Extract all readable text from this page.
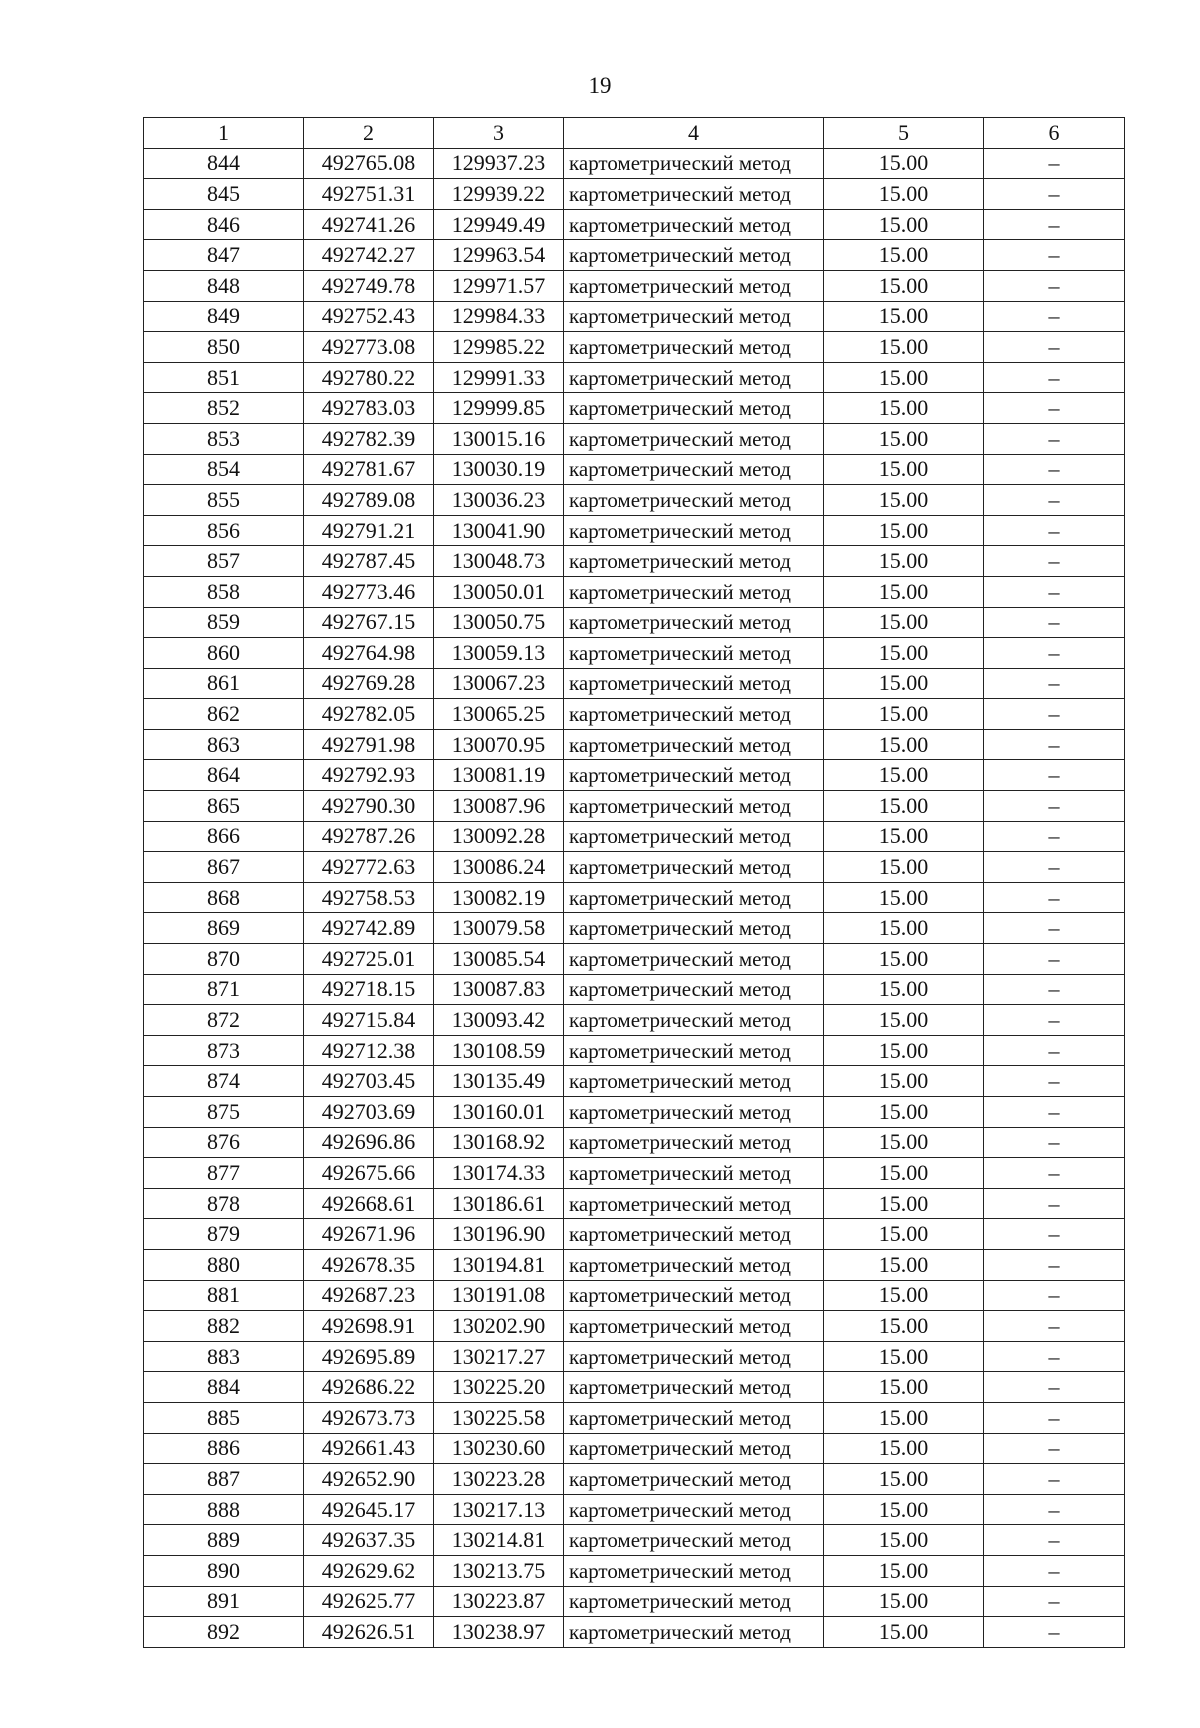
19
1	2	3	4	5	6
844	492765.08	129937.23	картометрический метод	15.00	–
845	492751.31	129939.22	картометрический метод	15.00	–
846	492741.26	129949.49	картометрический метод	15.00	–
847	492742.27	129963.54	картометрический метод	15.00	–
848	492749.78	129971.57	картометрический метод	15.00	–
849	492752.43	129984.33	картометрический метод	15.00	–
850	492773.08	129985.22	картометрический метод	15.00	–
851	492780.22	129991.33	картометрический метод	15.00	–
852	492783.03	129999.85	картометрический метод	15.00	–
853	492782.39	130015.16	картометрический метод	15.00	–
854	492781.67	130030.19	картометрический метод	15.00	–
855	492789.08	130036.23	картометрический метод	15.00	–
856	492791.21	130041.90	картометрический метод	15.00	–
857	492787.45	130048.73	картометрический метод	15.00	–
858	492773.46	130050.01	картометрический метод	15.00	–
859	492767.15	130050.75	картометрический метод	15.00	–
860	492764.98	130059.13	картометрический метод	15.00	–
861	492769.28	130067.23	картометрический метод	15.00	–
862	492782.05	130065.25	картометрический метод	15.00	–
863	492791.98	130070.95	картометрический метод	15.00	–
864	492792.93	130081.19	картометрический метод	15.00	–
865	492790.30	130087.96	картометрический метод	15.00	–
866	492787.26	130092.28	картометрический метод	15.00	–
867	492772.63	130086.24	картометрический метод	15.00	–
868	492758.53	130082.19	картометрический метод	15.00	–
869	492742.89	130079.58	картометрический метод	15.00	–
870	492725.01	130085.54	картометрический метод	15.00	–
871	492718.15	130087.83	картометрический метод	15.00	–
872	492715.84	130093.42	картометрический метод	15.00	–
873	492712.38	130108.59	картометрический метод	15.00	–
874	492703.45	130135.49	картометрический метод	15.00	–
875	492703.69	130160.01	картометрический метод	15.00	–
876	492696.86	130168.92	картометрический метод	15.00	–
877	492675.66	130174.33	картометрический метод	15.00	–
878	492668.61	130186.61	картометрический метод	15.00	–
879	492671.96	130196.90	картометрический метод	15.00	–
880	492678.35	130194.81	картометрический метод	15.00	–
881	492687.23	130191.08	картометрический метод	15.00	–
882	492698.91	130202.90	картометрический метод	15.00	–
883	492695.89	130217.27	картометрический метод	15.00	–
884	492686.22	130225.20	картометрический метод	15.00	–
885	492673.73	130225.58	картометрический метод	15.00	–
886	492661.43	130230.60	картометрический метод	15.00	–
887	492652.90	130223.28	картометрический метод	15.00	–
888	492645.17	130217.13	картометрический метод	15.00	–
889	492637.35	130214.81	картометрический метод	15.00	–
890	492629.62	130213.75	картометрический метод	15.00	–
891	492625.77	130223.87	картометрический метод	15.00	–
892	492626.51	130238.97	картометрический метод	15.00	–
